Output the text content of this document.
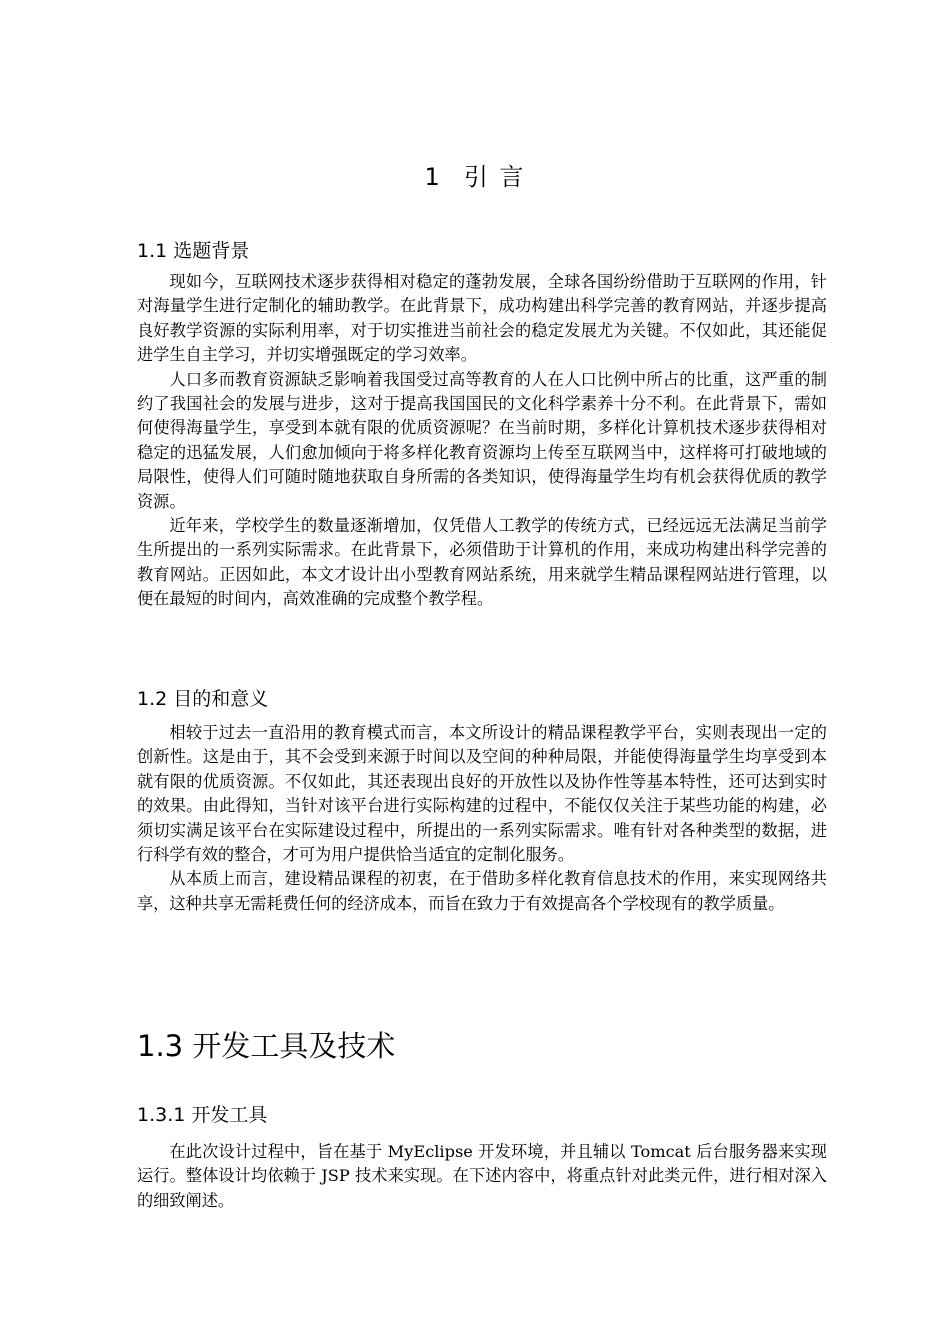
1 引 言
1.1 选题背景

现如今，互联网技术逐步获得相对稳定的蓬勃发展，全球各国纷纷借助于互联网的作用，针对海量学生进行定制化的辅助教学。在此背景下，成功构建出科学完善的教育网站，并逐步提高良好教学资源的实际利用率，对于切实推进当前社会的稳定发展尤为关键。不仅如此，其还能促进学生自主学习，并切实增强既定的学习效率。

人口多而教育资源缺乏影响着我国受过高等教育的人在人口比例中所占的比重，这严重的制约了我国社会的发展与进步，这对于提高我国国民的文化科学素养十分不利。在此背景下，需如何使得海量学生，享受到本就有限的优质资源呢？在当前时期，多样化计算机技术逐步获得相对稳定的迅猛发展，人们愈加倾向于将多样化教育资源均上传至互联网当中，这样将可打破地域的局限性，使得人们可随时随地获取自身所需的各类知识，使得海量学生均有机会获得优质的教学资源。

近年来，学校学生的数量逐渐增加，仅凭借人工教学的传统方式，已经远远无法满足当前学生所提出的一系列实际需求。在此背景下，必须借助于计算机的作用，来成功构建出科学完善的教育网站。正因如此，本文才设计出小型教育网站系统，用来就学生精品课程网站进行管理，以便在最短的时间内，高效准确的完成整个教学程。

1.2 目的和意义

相较于过去一直沿用的教育模式而言，本文所设计的精品课程教学平台，实则表现出一定的创新性。这是由于，其不会受到来源于时间以及空间的种种局限，并能使得海量学生均享受到本就有限的优质资源。不仅如此，其还表现出良好的开放性以及协作性等基本特性，还可达到实时的效果。由此得知，当针对该平台进行实际构建的过程中，不能仅仅关注于某些功能的构建，必须切实满足该平台在实际建设过程中，所提出的一系列实际需求。唯有针对各种类型的数据，进行科学有效的整合，才可为用户提供恰当适宜的定制化服务。

从本质上而言，建设精品课程的初衷，在于借助多样化教育信息技术的作用，来实现网络共享，这种共享无需耗费任何的经济成本，而旨在致力于有效提高各个学校现有的教学质量。

1.3 开发工具及技术
1.3.1 开发工具

在此次设计过程中，旨在基于 MyEclipse 开发环境，并且辅以 Tomcat 后台服务器来实现运行。整体设计均依赖于 JSP 技术来实现。在下述内容中，将重点针对此类元件，进行相对深入的细致阐述。
